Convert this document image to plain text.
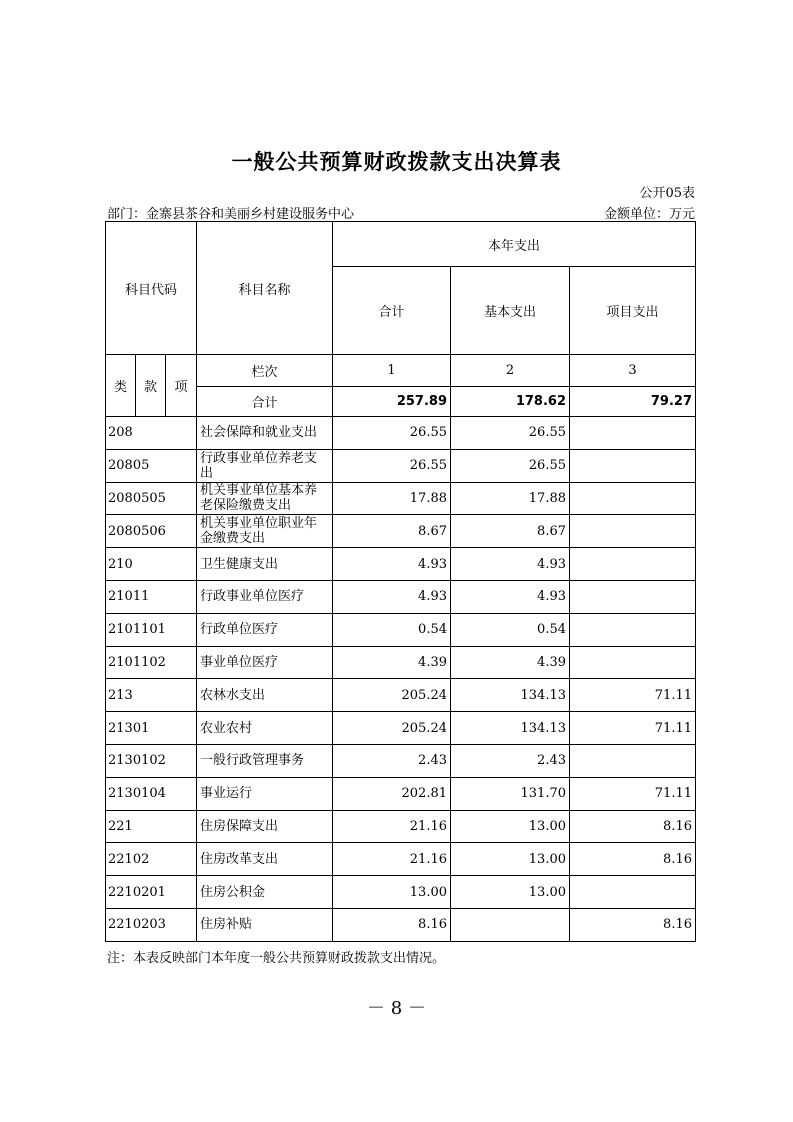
一般公共预算财政拨款支出决算表
公开05表
部门：金寨县茶谷和美丽乡村建设服务中心	金额单位：万元
科目代码			科目名称	本年支出		
				合计	基本支出	项目支出
类	款	项	栏次	1	2	3
			合计	257.89	178.62	79.27
208			社会保障和就业支出	26.55	26.55	
20805			行政事业单位养老支出	26.55	26.55	
2080505			机关事业单位基本养老保险缴费支出	17.88	17.88	
2080506			机关事业单位职业年金缴费支出	8.67	8.67	
210			卫生健康支出	4.93	4.93	
21011			行政事业单位医疗	4.93	4.93	
2101101			行政单位医疗	0.54	0.54	
2101102			事业单位医疗	4.39	4.39	
213			农林水支出	205.24	134.13	71.11
21301			农业农村	205.24	134.13	71.11
2130102			一般行政管理事务	2.43	2.43	
2130104			事业运行	202.81	131.70	71.11
221			住房保障支出	21.16	13.00	8.16
22102			住房改革支出	21.16	13.00	8.16
2210201			住房公积金	13.00	13.00	
2210203			住房补贴	8.16		8.16
注：本表反映部门本年度一般公共预算财政拨款支出情况。
－ 8 －
